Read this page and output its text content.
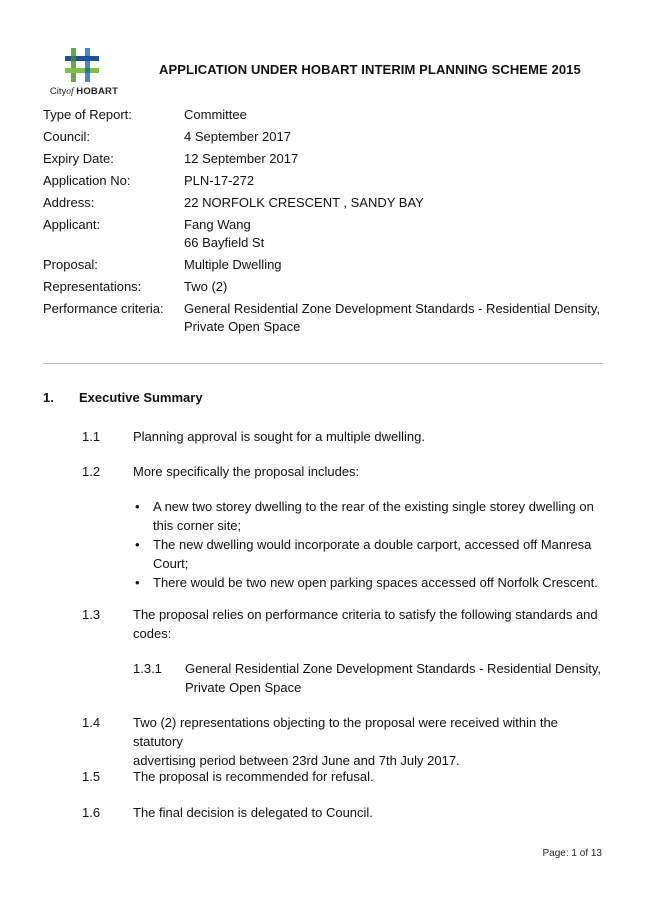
Cityof HOBART
APPLICATION UNDER HOBART INTERIM PLANNING SCHEME 2015
Type of Report:	Committee
Council:	4 September 2017
Expiry Date:	12 September 2017
Application No:	PLN-17-272
Address:	22 NORFOLK CRESCENT , SANDY BAY
Applicant:	Fang Wang
66 Bayfield St
Proposal:	Multiple Dwelling
Representations:	Two (2)
Performance criteria:	General Residential Zone Development Standards - Residential Density,
Private Open Space
1. Executive Summary
1.1	Planning approval is sought for a multiple dwelling.
1.2	More specifically the proposal includes:
• A new two storey dwelling to the rear of the existing single storey dwelling on
this corner site;
• The new dwelling would incorporate a double carport, accessed off Manresa
Court;
• There would be two new open parking spaces accessed off Norfolk Crescent.
1.3	The proposal relies on performance criteria to satisfy the following standards and
codes:
1.3.1 General Residential Zone Development Standards - Residential Density,
Private Open Space
1.4	Two (2) representations objecting to the proposal were received within the statutory
advertising period between 23rd June and 7th July 2017.
1.5	The proposal is recommended for refusal.
1.6	The final decision is delegated to Council.
Page: 1 of 13
